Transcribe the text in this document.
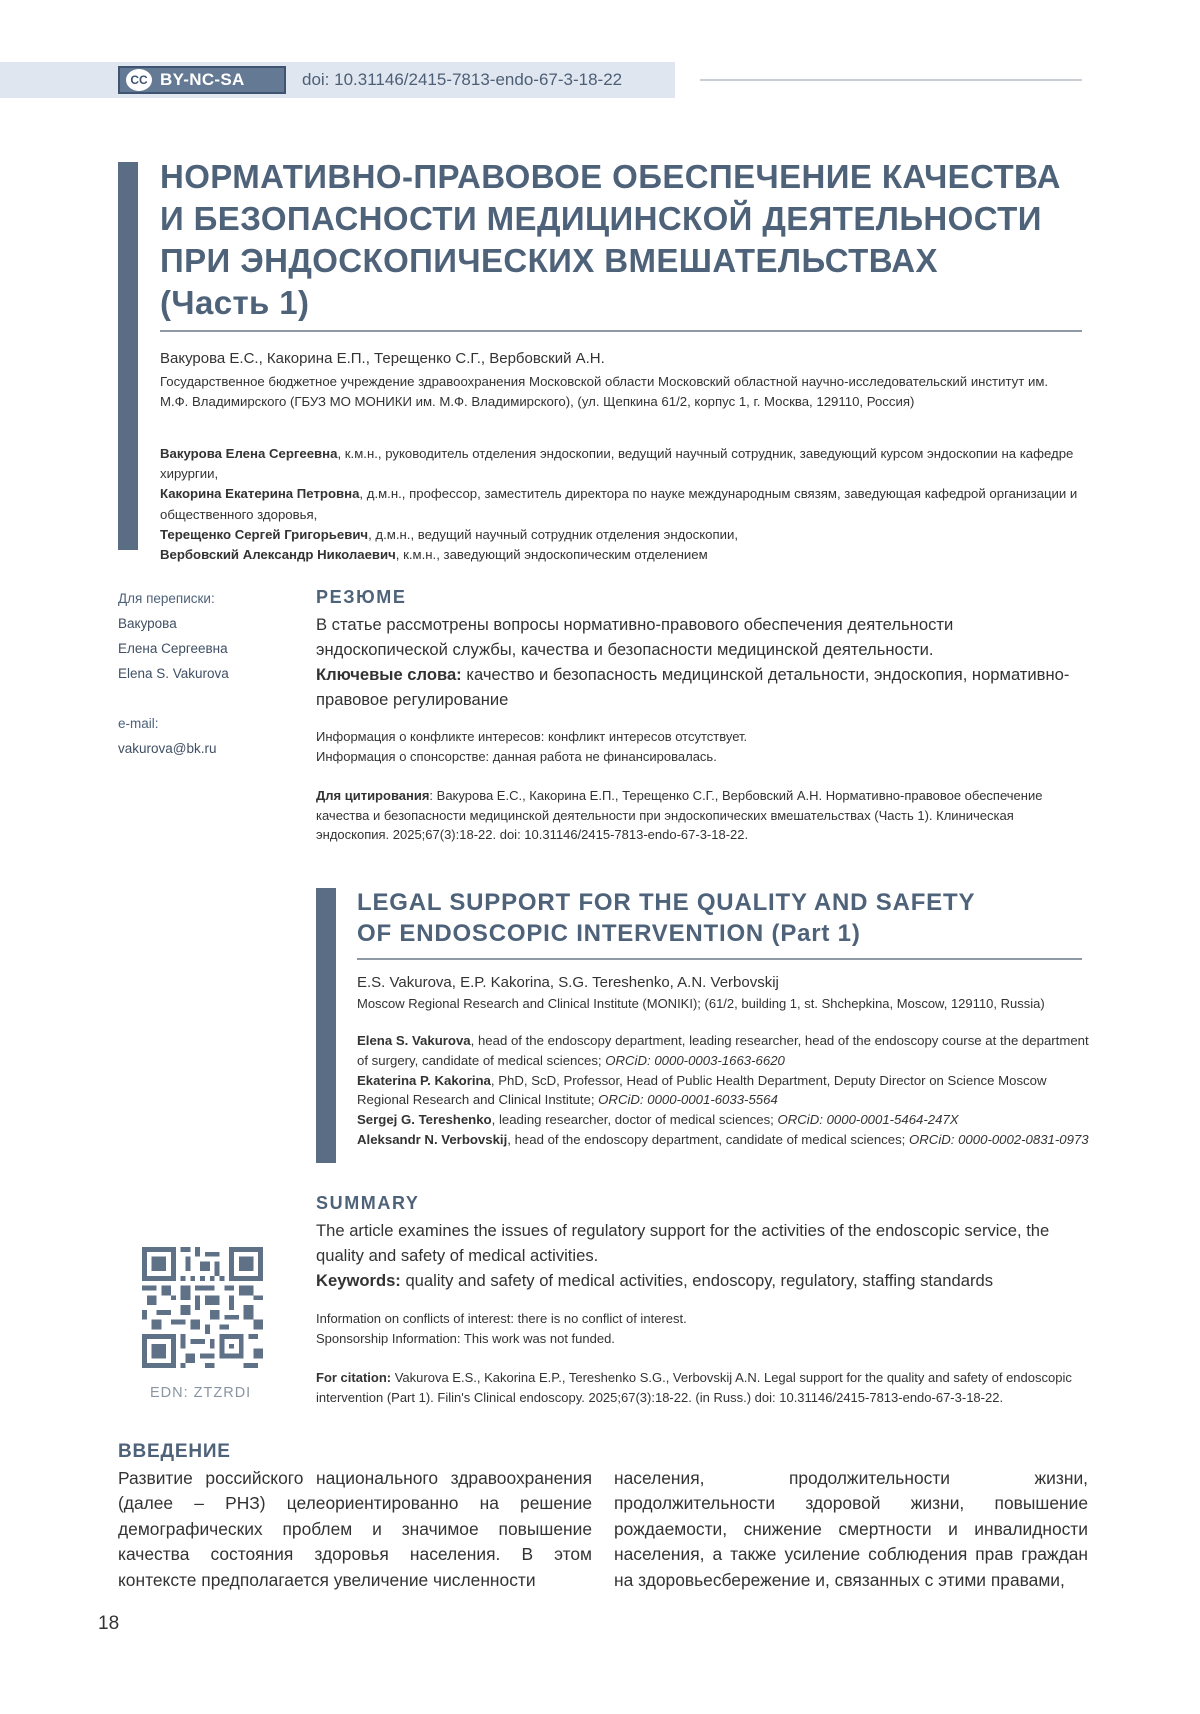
CC BY-NC-SA	doi: 10.31146/2415-7813-endo-67-3-18-22
НОРМАТИВНО-ПРАВОВОЕ ОБЕСПЕЧЕНИЕ КАЧЕСТВА
И БЕЗОПАСНОСТИ МЕДИЦИНСКОЙ ДЕЯТЕЛЬНОСТИ
ПРИ ЭНДОСКОПИЧЕСКИХ ВМЕШАТЕЛЬСТВАХ
(Часть 1)
Вакурова Е.С., Какорина Е.П., Терещенко С.Г., Вербовский А.Н.
Государственное бюджетное учреждение здравоохранения Московской области Московский областной научно-исследовательский институт им. М.Ф. Владимирского (ГБУЗ МО МОНИКИ им. М.Ф. Владимирского), (ул. Щепкина 61/2, корпус 1, г. Москва, 129110, Россия)
Вакурова Елена Сергеевна, к.м.н., руководитель отделения эндоскопии, ведущий научный сотрудник, заведующий курсом эндоскопии на кафедре хирургии,
Какорина Екатерина Петровна, д.м.н., профессор, заместитель директора по науке международным связям, заведующая кафедрой организации и общественного здоровья,
Терещенко Сергей Григорьевич, д.м.н., ведущий научный сотрудник отделения эндоскопии,
Вербовский Александр Николаевич, к.м.н., заведующий эндоскопическим отделением
Для переписки:
Вакурова
Елена Сергеевна
Elena S. Vakurova
e-mail:
vakurova@bk.ru
РЕЗЮМЕ
В статье рассмотрены вопросы нормативно-правового обеспечения деятельности эндоскопической службы, качества и безопасности медицинской деятельности.
Ключевые слова: качество и безопасность медицинской детальности, эндоскопия, нормативно-правовое регулирование
Информация о конфликте интересов: конфликт интересов отсутствует.
Информация о спонсорстве: данная работа не финансировалась.
Для цитирования: Вакурова Е.С., Какорина Е.П., Терещенко С.Г., Вербовский А.Н. Нормативно-правовое обеспечение качества и безопасности медицинской деятельности при эндоскопических вмешательствах (Часть 1). Клиническая эндоскопия. 2025;67(3):18-22. doi: 10.31146/2415-7813-endo-67-3-18-22.
LEGAL SUPPORT FOR THE QUALITY AND SAFETY
OF ENDOSCOPIC INTERVENTION (Part 1)
E.S. Vakurova, E.P. Kakorina, S.G. Tereshenko, A.N. Verbovskij
Moscow Regional Research and Clinical Institute (MONIKI); (61/2, building 1, st. Shchepkina, Moscow, 129110, Russia)
Elena S. Vakurova, head of the endoscopy department, leading researcher, head of the endoscopy course at the department of surgery, candidate of medical sciences; ORCiD: 0000-0003-1663-6620
Ekaterina P. Kakorina, PhD, ScD, Professor, Head of Public Health Department, Deputy Director on Science Moscow Regional Research and Clinical Institute; ORCiD: 0000-0001-6033-5564
Sergej G. Tereshenko, leading researcher, doctor of medical sciences; ORCiD: 0000-0001-5464-247X
Aleksandr N. Verbovskij, head of the endoscopy department, candidate of medical sciences; ORCiD: 0000-0002-0831-0973
SUMMARY
The article examines the issues of regulatory support for the activities of the endoscopic service, the quality and safety of medical activities.
Keywords: quality and safety of medical activities, endoscopy, regulatory, staffing standards
Information on conflicts of interest: there is no conflict of interest.
Sponsorship Information: This work was not funded.
For citation: Vakurova E.S., Kakorina E.P., Tereshenko S.G., Verbovskij A.N. Legal support for the quality and safety of endoscopic intervention (Part 1). Filin's Clinical endoscopy. 2025;67(3):18-22. (in Russ.) doi: 10.31146/2415-7813-endo-67-3-18-22.
EDN: ZTZRDI
ВВЕДЕНИЕ
Развитие российского национального здравоохранения (далее – РНЗ) целеориентированно на решение демографических проблем и значимое повышение качества состояния здоровья населения. В этом контексте предполагается увеличение численности
населения, продолжительности жизни, продолжительности здоровой жизни, повышение рождаемости, снижение смертности и инвалидности населения, а также усиление соблюдения прав граждан на здоровьесбережение и, связанных с этими правами,
18
